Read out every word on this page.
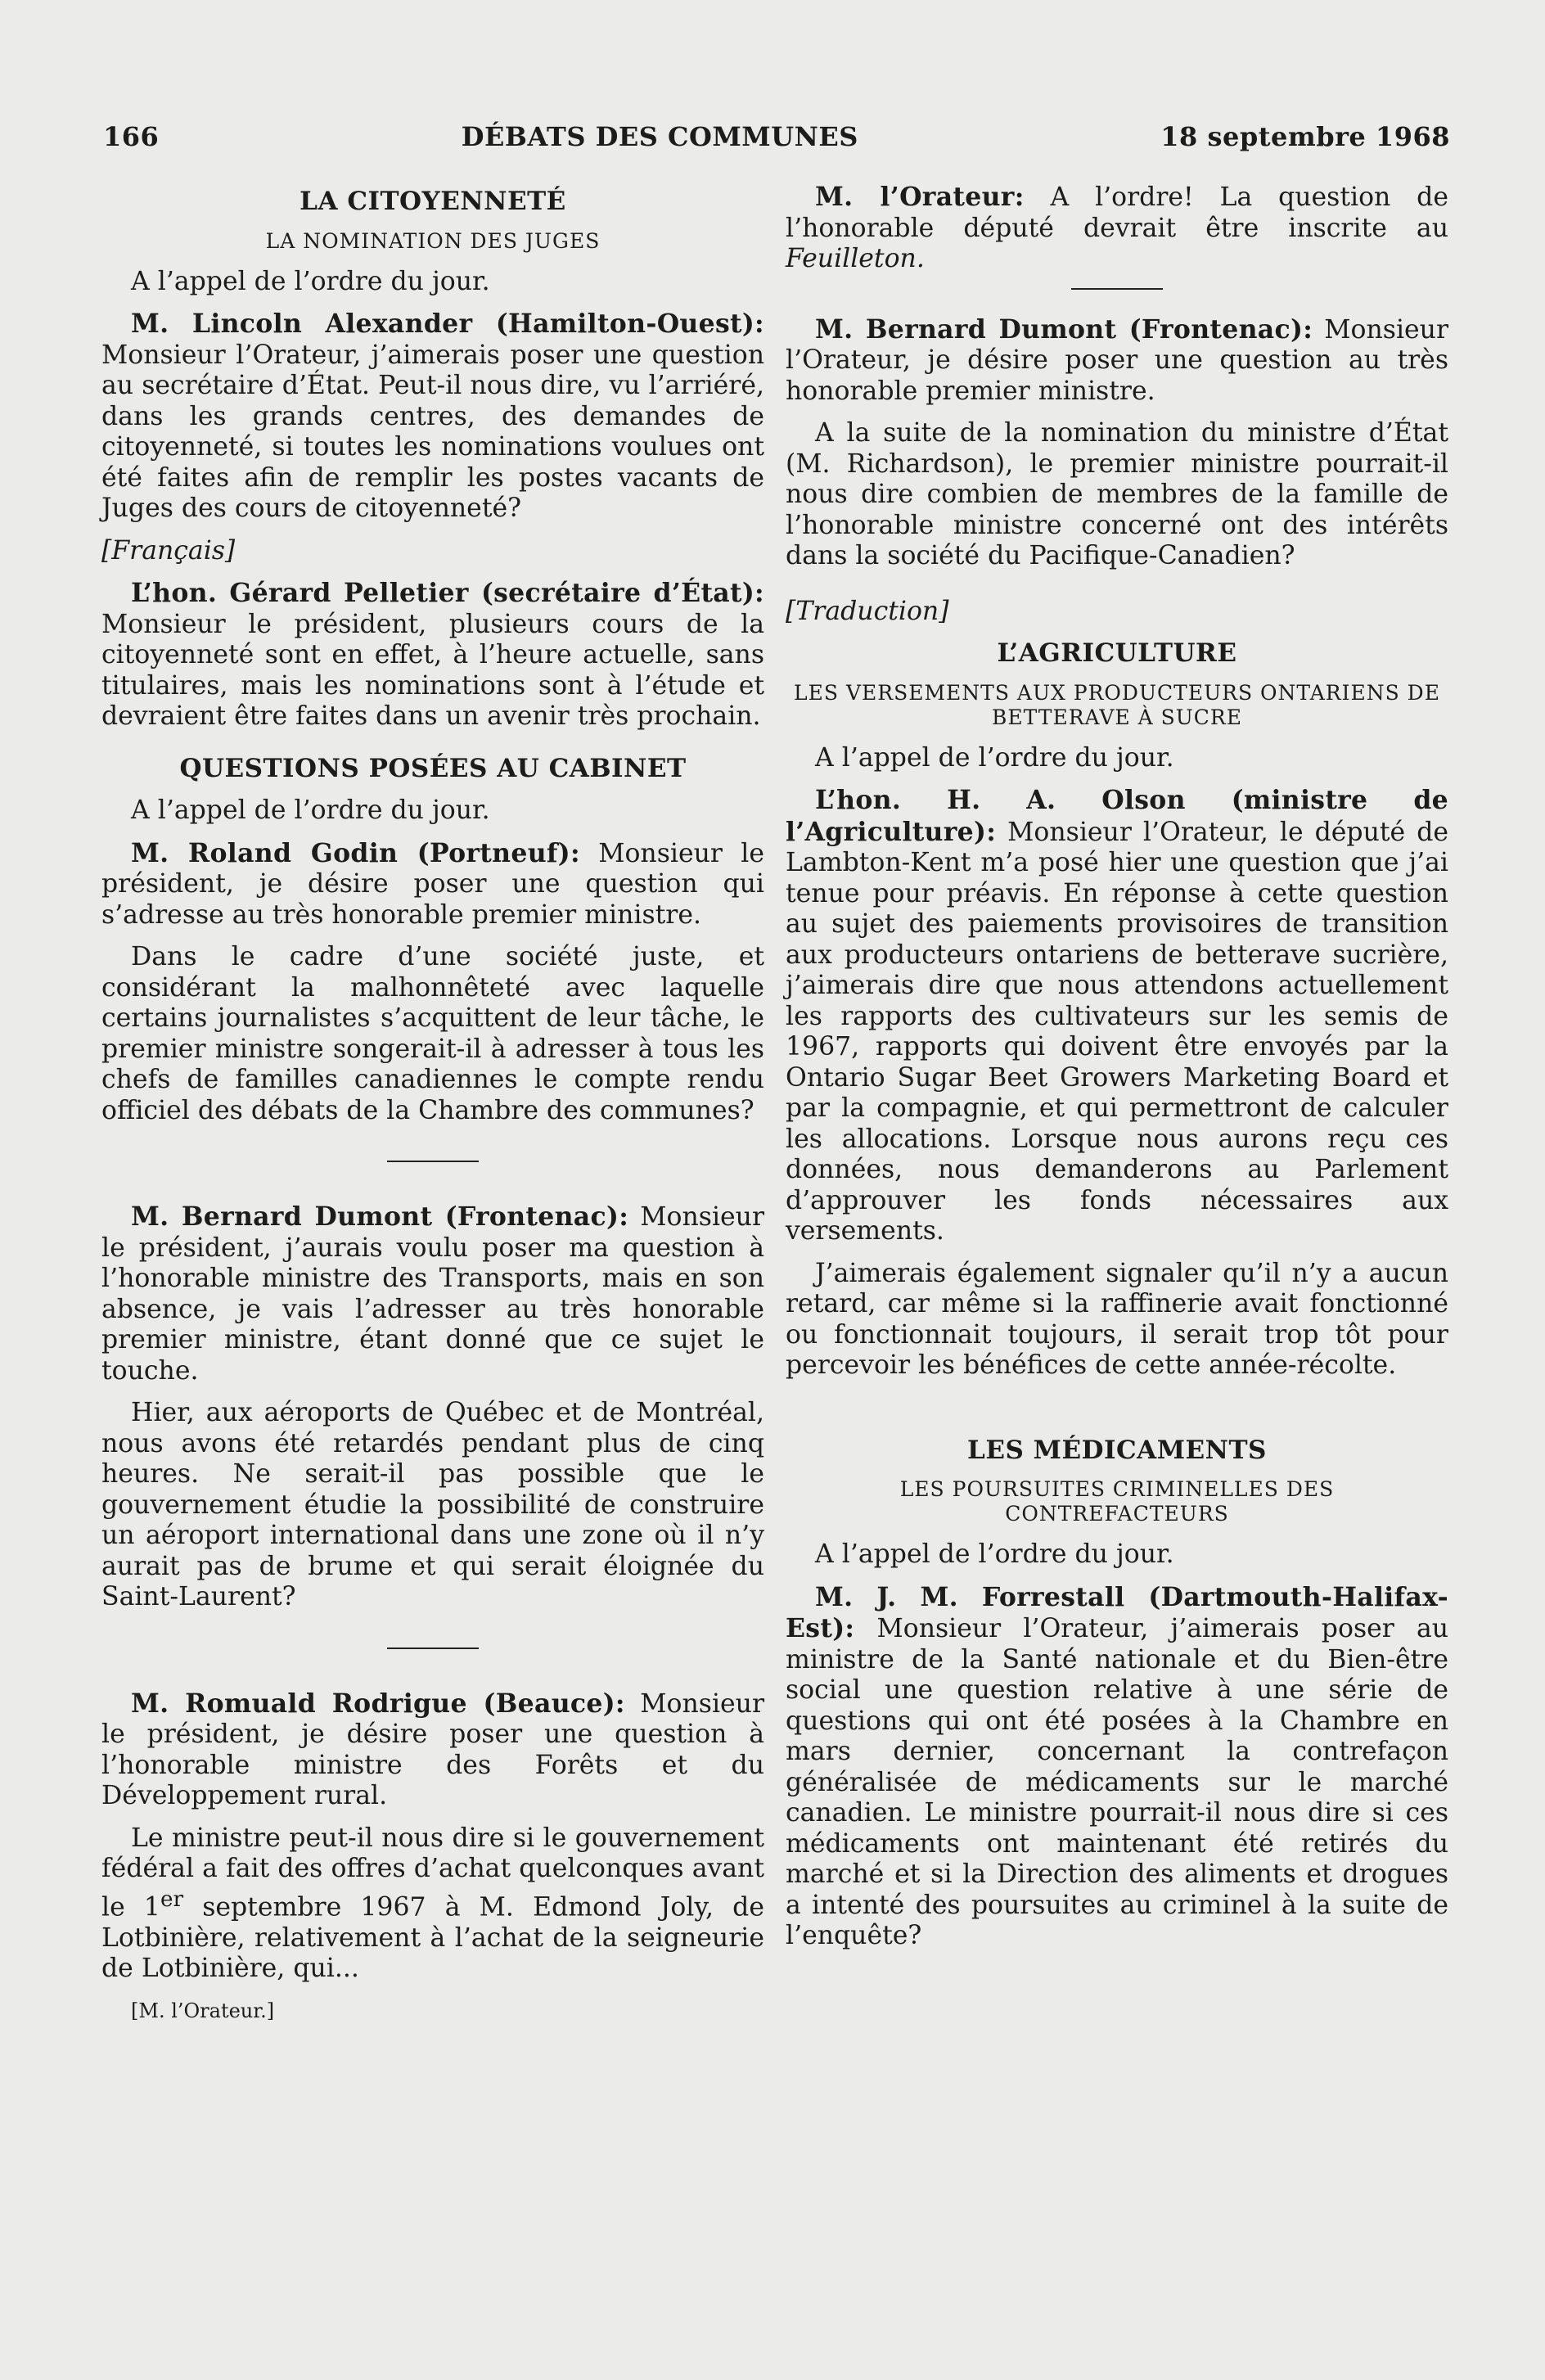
166	DÉBATS DES COMMUNES	18 septembre 1968
LA CITOYENNETÉ
LA NOMINATION DES JUGES

A l’appel de l’ordre du jour.

M. Lincoln Alexander (Hamilton-Ouest): Monsieur l’Orateur, j’aimerais poser une question au secrétaire d’État. Peut-il nous dire, vu l’arriéré, dans les grands centres, des demandes de citoyenneté, si toutes les nominations voulues ont été faites afin de remplir les postes vacants de Juges des cours de citoyenneté?

[Français]

L’hon. Gérard Pelletier (secrétaire d’État): Monsieur le président, plusieurs cours de la citoyenneté sont en effet, à l’heure actuelle, sans titulaires, mais les nominations sont à l’étude et devraient être faites dans un avenir très prochain.

QUESTIONS POSÉES AU CABINET

A l’appel de l’ordre du jour.

M. Roland Godin (Portneuf): Monsieur le président, je désire poser une question qui s’adresse au très honorable premier ministre.

Dans le cadre d’une société juste, et considérant la malhonnêteté avec laquelle certains journalistes s’acquittent de leur tâche, le premier ministre songerait-il à adresser à tous les chefs de familles canadiennes le compte rendu officiel des débats de la Chambre des communes?

M. Bernard Dumont (Frontenac): Monsieur le président, j’aurais voulu poser ma question à l’honorable ministre des Transports, mais en son absence, je vais l’adresser au très honorable premier ministre, étant donné que ce sujet le touche.

Hier, aux aéroports de Québec et de Montréal, nous avons été retardés pendant plus de cinq heures. Ne serait-il pas possible que le gouvernement étudie la possibilité de construire un aéroport international dans une zone où il n’y aurait pas de brume et qui serait éloignée du Saint-Laurent?

M. Romuald Rodrigue (Beauce): Monsieur le président, je désire poser une question à l’honorable ministre des Forêts et du Développement rural.

Le ministre peut-il nous dire si le gouvernement fédéral a fait des offres d’achat quelconques avant le 1er septembre 1967 à M. Edmond Joly, de Lotbinière, relativement à l’achat de la seigneurie de Lotbinière, qui...

[M. l’Orateur.]

M. l’Orateur: A l’ordre! La question de l’honorable député devrait être inscrite au Feuilleton.

M. Bernard Dumont (Frontenac): Monsieur l’Orateur, je désire poser une question au très honorable premier ministre.

A la suite de la nomination du ministre d’État (M. Richardson), le premier ministre pourrait-il nous dire combien de membres de la famille de l’honorable ministre concerné ont des intérêts dans la société du Pacifique-Canadien?

[Traduction]

L’AGRICULTURE
LES VERSEMENTS AUX PRODUCTEURS ONTARIENS DE BETTERAVE À SUCRE

A l’appel de l’ordre du jour.

L’hon. H. A. Olson (ministre de l’Agriculture): Monsieur l’Orateur, le député de Lambton-Kent m’a posé hier une question que j’ai tenue pour préavis. En réponse à cette question au sujet des paiements provisoires de transition aux producteurs ontariens de betterave sucrière, j’aimerais dire que nous attendons actuellement les rapports des cultivateurs sur les semis de 1967, rapports qui doivent être envoyés par la Ontario Sugar Beet Growers Marketing Board et par la compagnie, et qui permettront de calculer les allocations. Lorsque nous aurons reçu ces données, nous demanderons au Parlement d’approuver les fonds nécessaires aux versements.

J’aimerais également signaler qu’il n’y a aucun retard, car même si la raffinerie avait fonctionné ou fonctionnait toujours, il serait trop tôt pour percevoir les bénéfices de cette année-récolte.

LES MÉDICAMENTS
LES POURSUITES CRIMINELLES DES CONTREFACTEURS

A l’appel de l’ordre du jour.

M. J. M. Forrestall (Dartmouth-Halifax-Est): Monsieur l’Orateur, j’aimerais poser au ministre de la Santé nationale et du Bien-être social une question relative à une série de questions qui ont été posées à la Chambre en mars dernier, concernant la contrefaçon généralisée de médicaments sur le marché canadien. Le ministre pourrait-il nous dire si ces médicaments ont maintenant été retirés du marché et si la Direction des aliments et drogues a intenté des poursuites au criminel à la suite de l’enquête?
